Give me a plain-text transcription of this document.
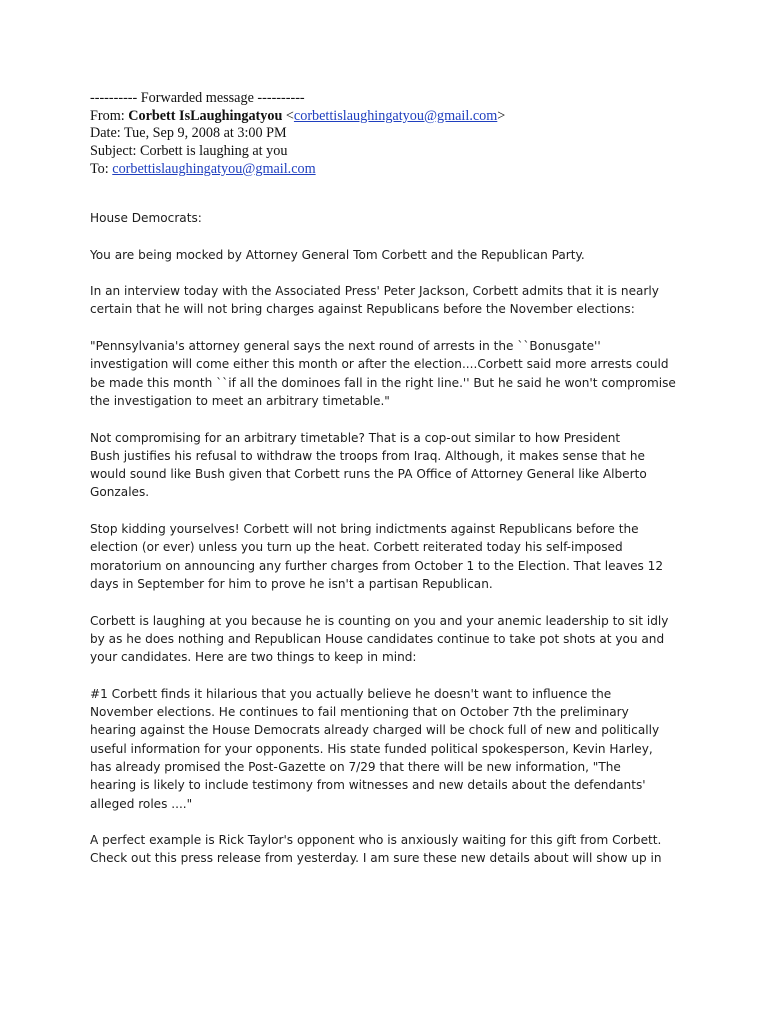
---------- Forwarded message ----------
From: Corbett IsLaughingatyou <corbettislaughingatyou@gmail.com>
Date: Tue, Sep 9, 2008 at 3:00 PM
Subject: Corbett is laughing at you
To: corbettislaughingatyou@gmail.com

House Democrats:

You are being mocked by Attorney General Tom Corbett and the Republican Party.

In an interview today with the Associated Press' Peter Jackson, Corbett admits that it is nearly
certain that he will not bring charges against Republicans before the November elections:

"Pennsylvania's attorney general says the next round of arrests in the ``Bonusgate''
investigation will come either this month or after the election....Corbett said more arrests could
be made this month ``if all the dominoes fall in the right line.'' But he said he won't compromise
the investigation to meet an arbitrary timetable."

Not compromising for an arbitrary timetable? That is a cop-out similar to how President
Bush justifies his refusal to withdraw the troops from Iraq. Although, it makes sense that he
would sound like Bush given that Corbett runs the PA Office of Attorney General like Alberto
Gonzales.

Stop kidding yourselves! Corbett will not bring indictments against Republicans before the
election (or ever) unless you turn up the heat. Corbett reiterated today his self-imposed
moratorium on announcing any further charges from October 1 to the Election. That leaves 12
days in September for him to prove he isn't a partisan Republican.

Corbett is laughing at you because he is counting on you and your anemic leadership to sit idly
by as he does nothing and Republican House candidates continue to take pot shots at you and
your candidates. Here are two things to keep in mind:

#1 Corbett finds it hilarious that you actually believe he doesn't want to influence the
November elections. He continues to fail mentioning that on October 7th the preliminary
hearing against the House Democrats already charged will be chock full of new and politically
useful information for your opponents. His state funded political spokesperson, Kevin Harley,
has already promised the Post-Gazette on 7/29 that there will be new information, "The
hearing is likely to include testimony from witnesses and new details about the defendants'
alleged roles ...."

A perfect example is Rick Taylor's opponent who is anxiously waiting for this gift from Corbett.
Check out this press release from yesterday. I am sure these new details about will show up in
